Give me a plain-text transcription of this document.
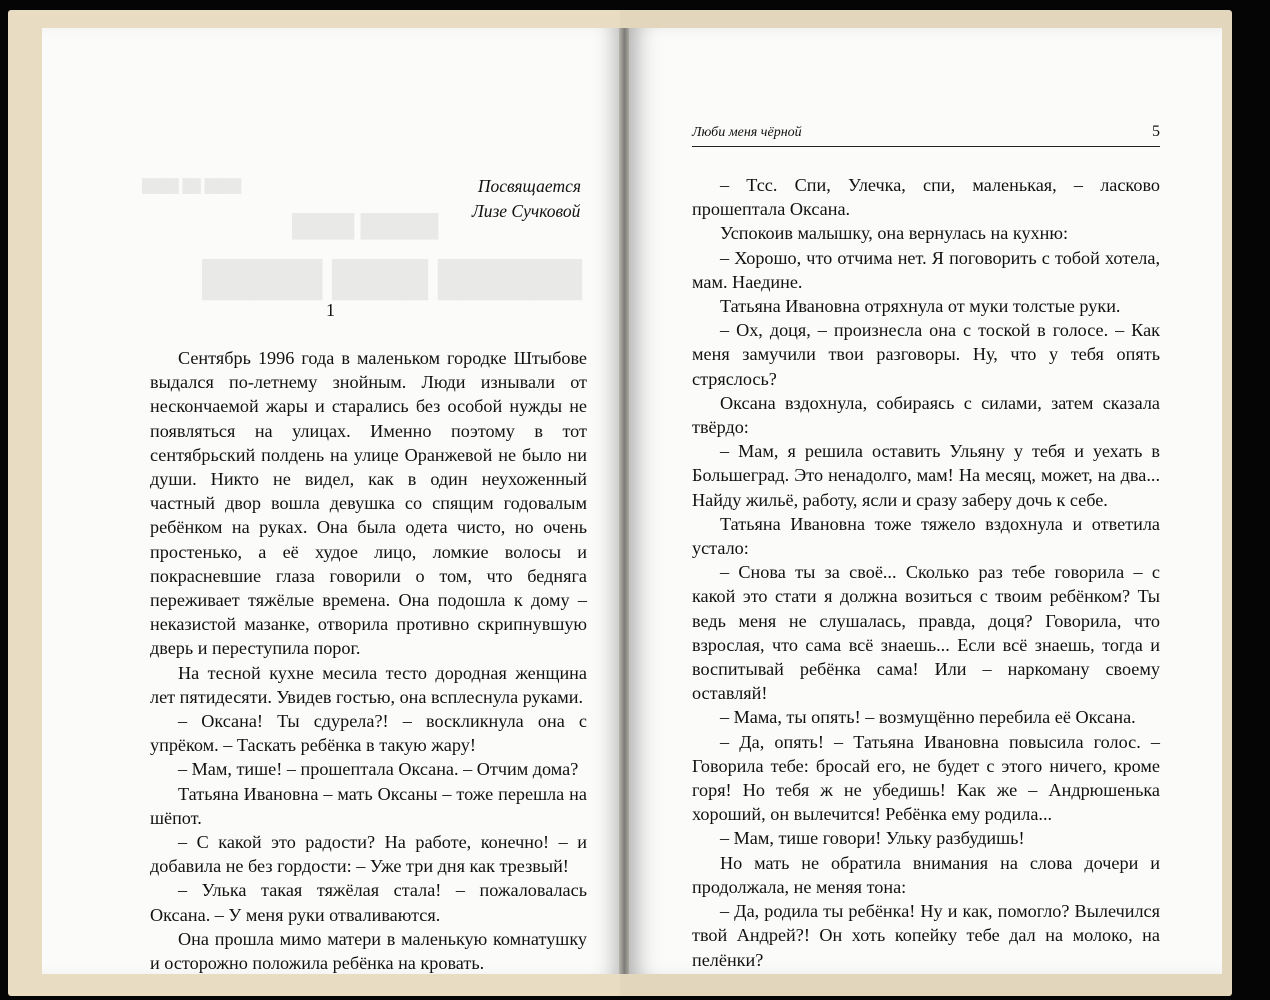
████ ██ ████
████ █████
█████ ████ ██████
Посвящается
Лизе Сучковой
1

Сентябрь 1996 года в маленьком городке Штыбове выдался по-летнему знойным. Люди изнывали от нескончаемой жары и старались без особой нужды не появляться на улицах. Именно поэтому в тот сентябрьский полдень на улице Оранжевой не было ни души. Никто не видел, как в один неухоженный частный двор вошла девушка со спящим годовалым ребёнком на руках. Она была одета чисто, но очень простенько, а её худое лицо, ломкие волосы и покрасневшие глаза говорили о том, что бедняга переживает тяжёлые времена. Она подошла к дому – неказистой мазанке, отворила противно скрипнувшую дверь и переступила порог.

На тесной кухне месила тесто дородная женщина лет пятидесяти. Увидев гостью, она всплеснула руками.

– Оксана! Ты сдурела?! – воскликнула она с упрёком. – Таскать ребёнка в такую жару!

– Мам, тише! – прошептала Оксана. – Отчим дома?

Татьяна Ивановна – мать Оксаны – тоже перешла на шёпот.

– С какой это радости? На работе, конечно! – и добавила не без гордости: – Уже три дня как трезвый!

– Улька такая тяжёлая стала! – пожаловалась Оксана. – У меня руки отваливаются.

Она прошла мимо матери в маленькую комнатушку и осторожно положила ребёнка на кровать.

Люби меня чёрной	5

– Тсс. Спи, Улечка, спи, маленькая, – ласково прошептала Оксана.

Успокоив малышку, она вернулась на кухню:

– Хорошо, что отчима нет. Я поговорить с тобой хотела, мам. Наедине.

Татьяна Ивановна отряхнула от муки толстые руки.

– Ох, доця, – произнесла она с тоской в голосе. – Как меня замучили твои разговоры. Ну, что у тебя опять стряслось?

Оксана вздохнула, собираясь с силами, затем сказала твёрдо:

– Мам, я решила оставить Ульяну у тебя и уехать в Большеград. Это ненадолго, мам! На месяц, может, на два... Найду жильё, работу, ясли и сразу заберу дочь к себе.

Татьяна Ивановна тоже тяжело вздохнула и ответила устало:

– Снова ты за своё... Сколько раз тебе говорила – с какой это стати я должна возиться с твоим ребёнком? Ты ведь меня не слушалась, правда, доця? Говорила, что взрослая, что сама всё знаешь... Если всё знаешь, тогда и воспитывай ребёнка сама! Или – наркоману своему оставляй!

– Мама, ты опять! – возмущённо перебила её Оксана.

– Да, опять! – Татьяна Ивановна повысила голос. – Говорила тебе: бросай его, не будет с этого ничего, кроме горя! Но тебя ж не убедишь! Как же – Андрюшенька хороший, он вылечится! Ребёнка ему родила...

– Мам, тише говори! Ульку разбудишь!

Но мать не обратила внимания на слова дочери и продолжала, не меняя тона:

– Да, родила ты ребёнка! Ну и как, помогло? Вылечился твой Андрей?! Он хоть копейку тебе дал на молоко, на пелёнки?
